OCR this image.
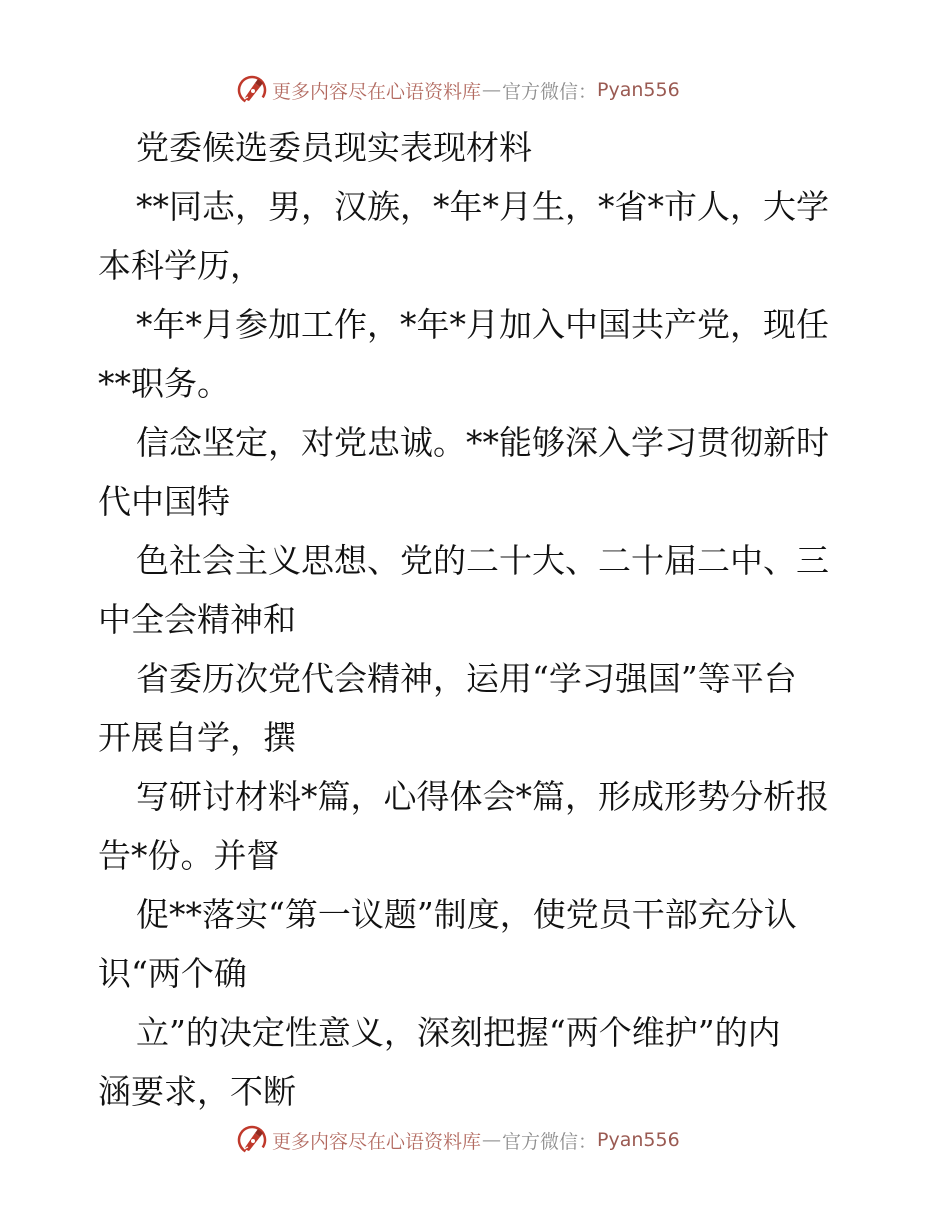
更多内容尽在心语资料库 — 官方微信： Pyan556
党委候选委员现实表现材料
**同志，男，汉族，*年*月生，*省*市人，大学
本科学历，
*年*月参加工作，*年*月加入中国共产党，现任
**职务。
信念坚定，对党忠诚。**能够深入学习贯彻新时
代中国特
色社会主义思想、党的二十大、二十届二中、三
中全会精神和
省委历次党代会精神，运用“学习强国”等平台
开展自学，撰
写研讨材料*篇，心得体会*篇，形成形势分析报
告*份。并督
促**落实“第一议题”制度，使党员干部充分认
识“两个确
立”的决定性意义，深刻把握“两个维护”的内
涵要求，不断
更多内容尽在心语资料库 — 官方微信： Pyan556
